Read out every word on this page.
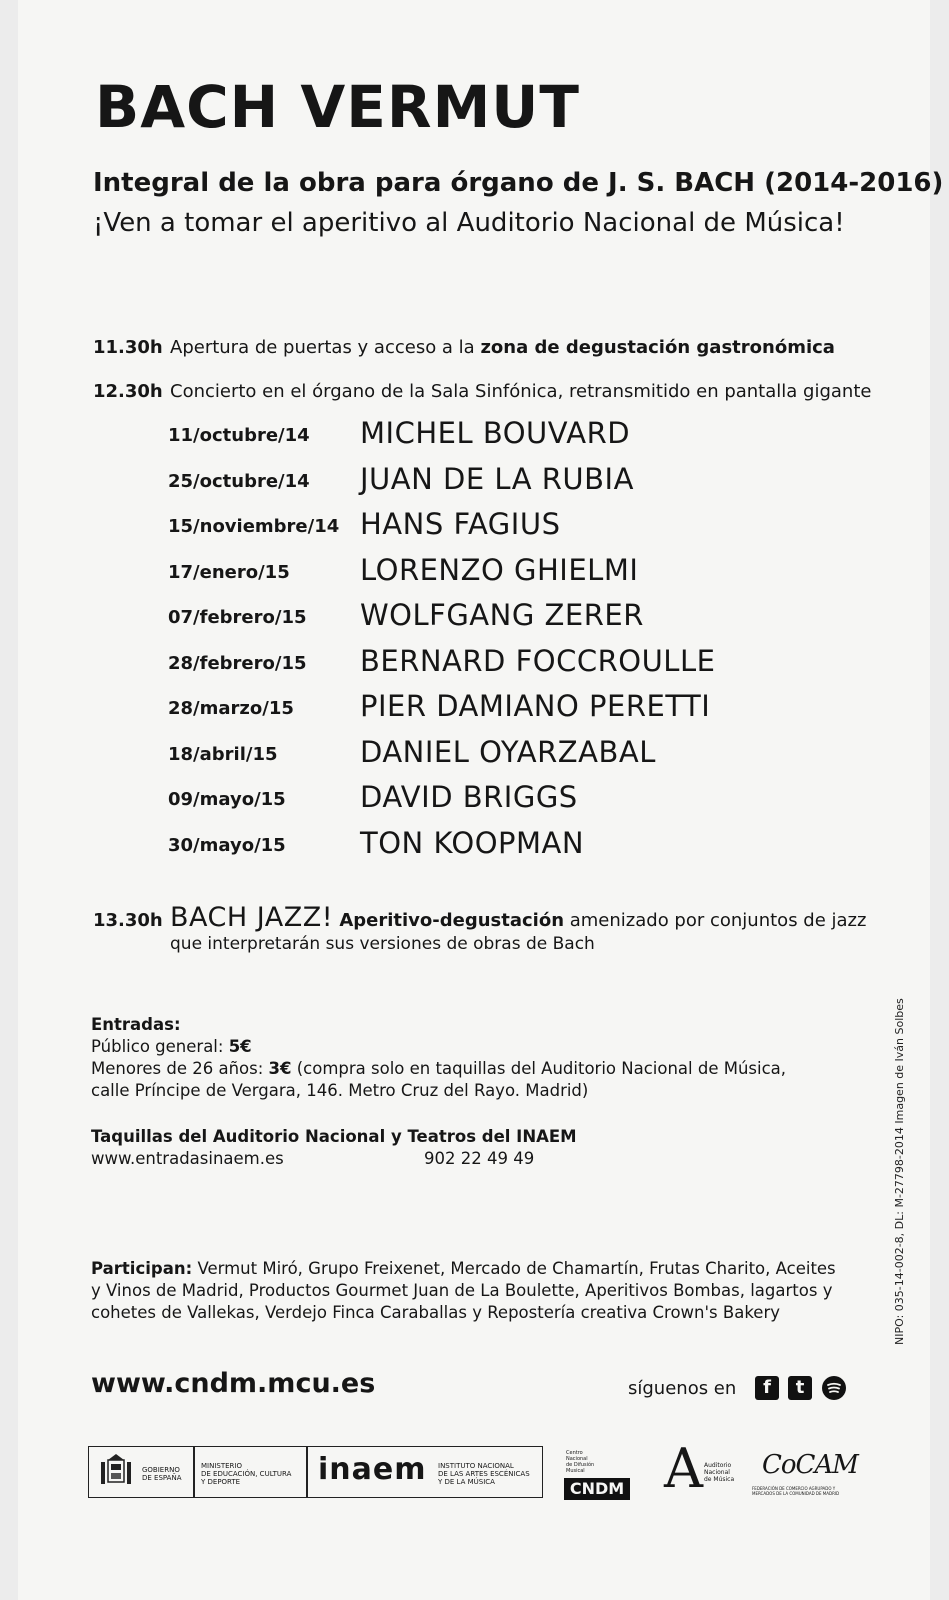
BACH VERMUT
Integral de la obra para órgano de J. S. BACH (2014-2016)
¡Ven a tomar el aperitivo al Auditorio Nacional de Música!
11.30h Apertura de puertas y acceso a la zona de degustación gastronómica
12.30h Concierto en el órgano de la Sala Sinfónica, retransmitido en pantalla gigante
11/octubre/14 MICHEL BOUVARD
25/octubre/14 JUAN DE LA RUBIA
15/noviembre/14 HANS FAGIUS
17/enero/15 LORENZO GHIELMI
07/febrero/15 WOLFGANG ZERER
28/febrero/15 BERNARD FOCCROULLE
28/marzo/15 PIER DAMIANO PERETTI
18/abril/15	DANIEL OYARZABAL
09/mayo/15	DAVID BRIGGS
30/mayo/15	TON KOOPMAN
13.30h BACH JAZZ! Aperitivo-degustación amenizado por conjuntos de jazz
que interpretarán sus versiones de obras de Bach
Entradas:
Público general: 5€
Menores de 26 años: 3€ (compra solo en taquillas del Auditorio Nacional de Música,
calle Príncipe de Vergara, 146. Metro Cruz del Rayo. Madrid)
Taquillas del Auditorio Nacional y Teatros del INAEM
www.entradasinaem.es	902 22 49 49
Participan: Vermut Miró, Grupo Freixenet, Mercado de Chamartín, Frutas Charito, Aceites
y Vinos de Madrid, Productos Gourmet Juan de La Boulette, Aperitivos Bombas, lagartos y
cohetes de Vallekas, Verdejo Finca Caraballas y Repostería creativa Crown's Bakery	NIPO: 035-14-002-8, DL: M-27798-2014 Imagen de Iván Solbes
www.cndm.mcu.es	síguenos en	f	t
GOBIERNO
DE ESPAÑA
MINISTERIO
DE EDUCACIÓN, CULTURA
Y DEPORTE	inaem INSTITUTO NACIONAL
DE LAS ARTES ESCÉNICAS
Y DE LA MÚSICA
Centro
Nacional
de Difusión
Musical
CNDM A Auditorio
Nacional
de Música CoCAM
FEDERACIÓN DE COMERCIO AGRUPADO Y
MERCADOS DE LA COMUNIDAD DE MADRID
